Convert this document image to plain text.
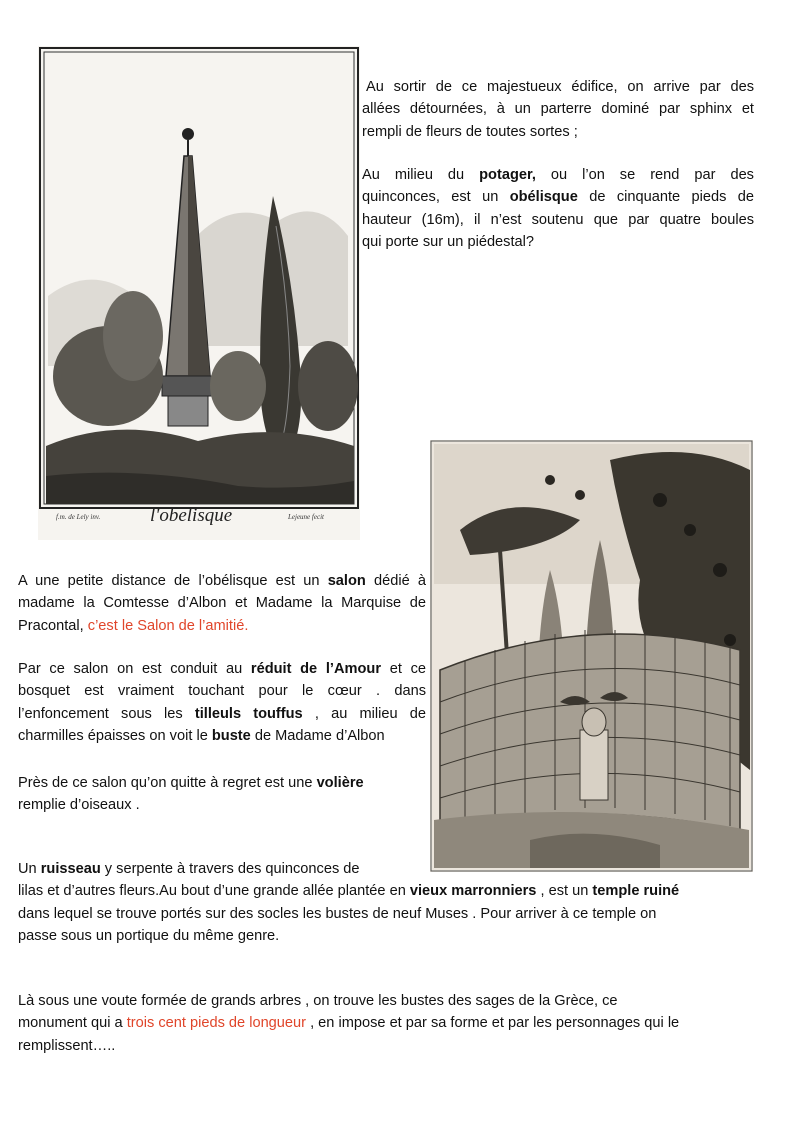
f.m. de Lely inv.	Lejeune fecit
l'obelisque
Au sortir de ce majestueux édifice, on arrive par des
allées détournées, à un parterre dominé par sphinx et
rempli de fleurs de toutes sortes ;
Au milieu du potager, ou l’on se rend par des
quinconces, est un obélisque de cinquante pieds de
hauteur (16m), il n’est soutenu que par quatre boules
qui porte sur un piédestal?
A une petite distance de l’obélisque est un salon dédié à
madame la Comtesse d’Albon et Madame la Marquise de
Pracontal, c’est le Salon de l’amitié.
Par ce salon on est conduit au réduit de l’Amour et ce
bosquet est vraiment touchant pour le cœur . dans
l’enfoncement sous les tilleuls touffus , au milieu de
charmilles épaisses on voit le buste de Madame d’Albon
Près de ce salon qu’on quitte à regret est une volière
remplie d’oiseaux .
Un ruisseau y serpente à travers des quinconces de
lilas et d’autres fleurs.Au bout d’une grande allée plantée en vieux marronniers , est un temple ruiné
dans lequel se trouve portés sur des socles les bustes de neuf Muses . Pour arriver à ce temple on
passe sous un portique du même genre.
Là sous une voute formée de grands arbres , on trouve les bustes des sages de la Grèce, ce
monument qui a trois cent pieds de longueur , en impose et par sa forme et par les personnages qui le
remplissent…..
